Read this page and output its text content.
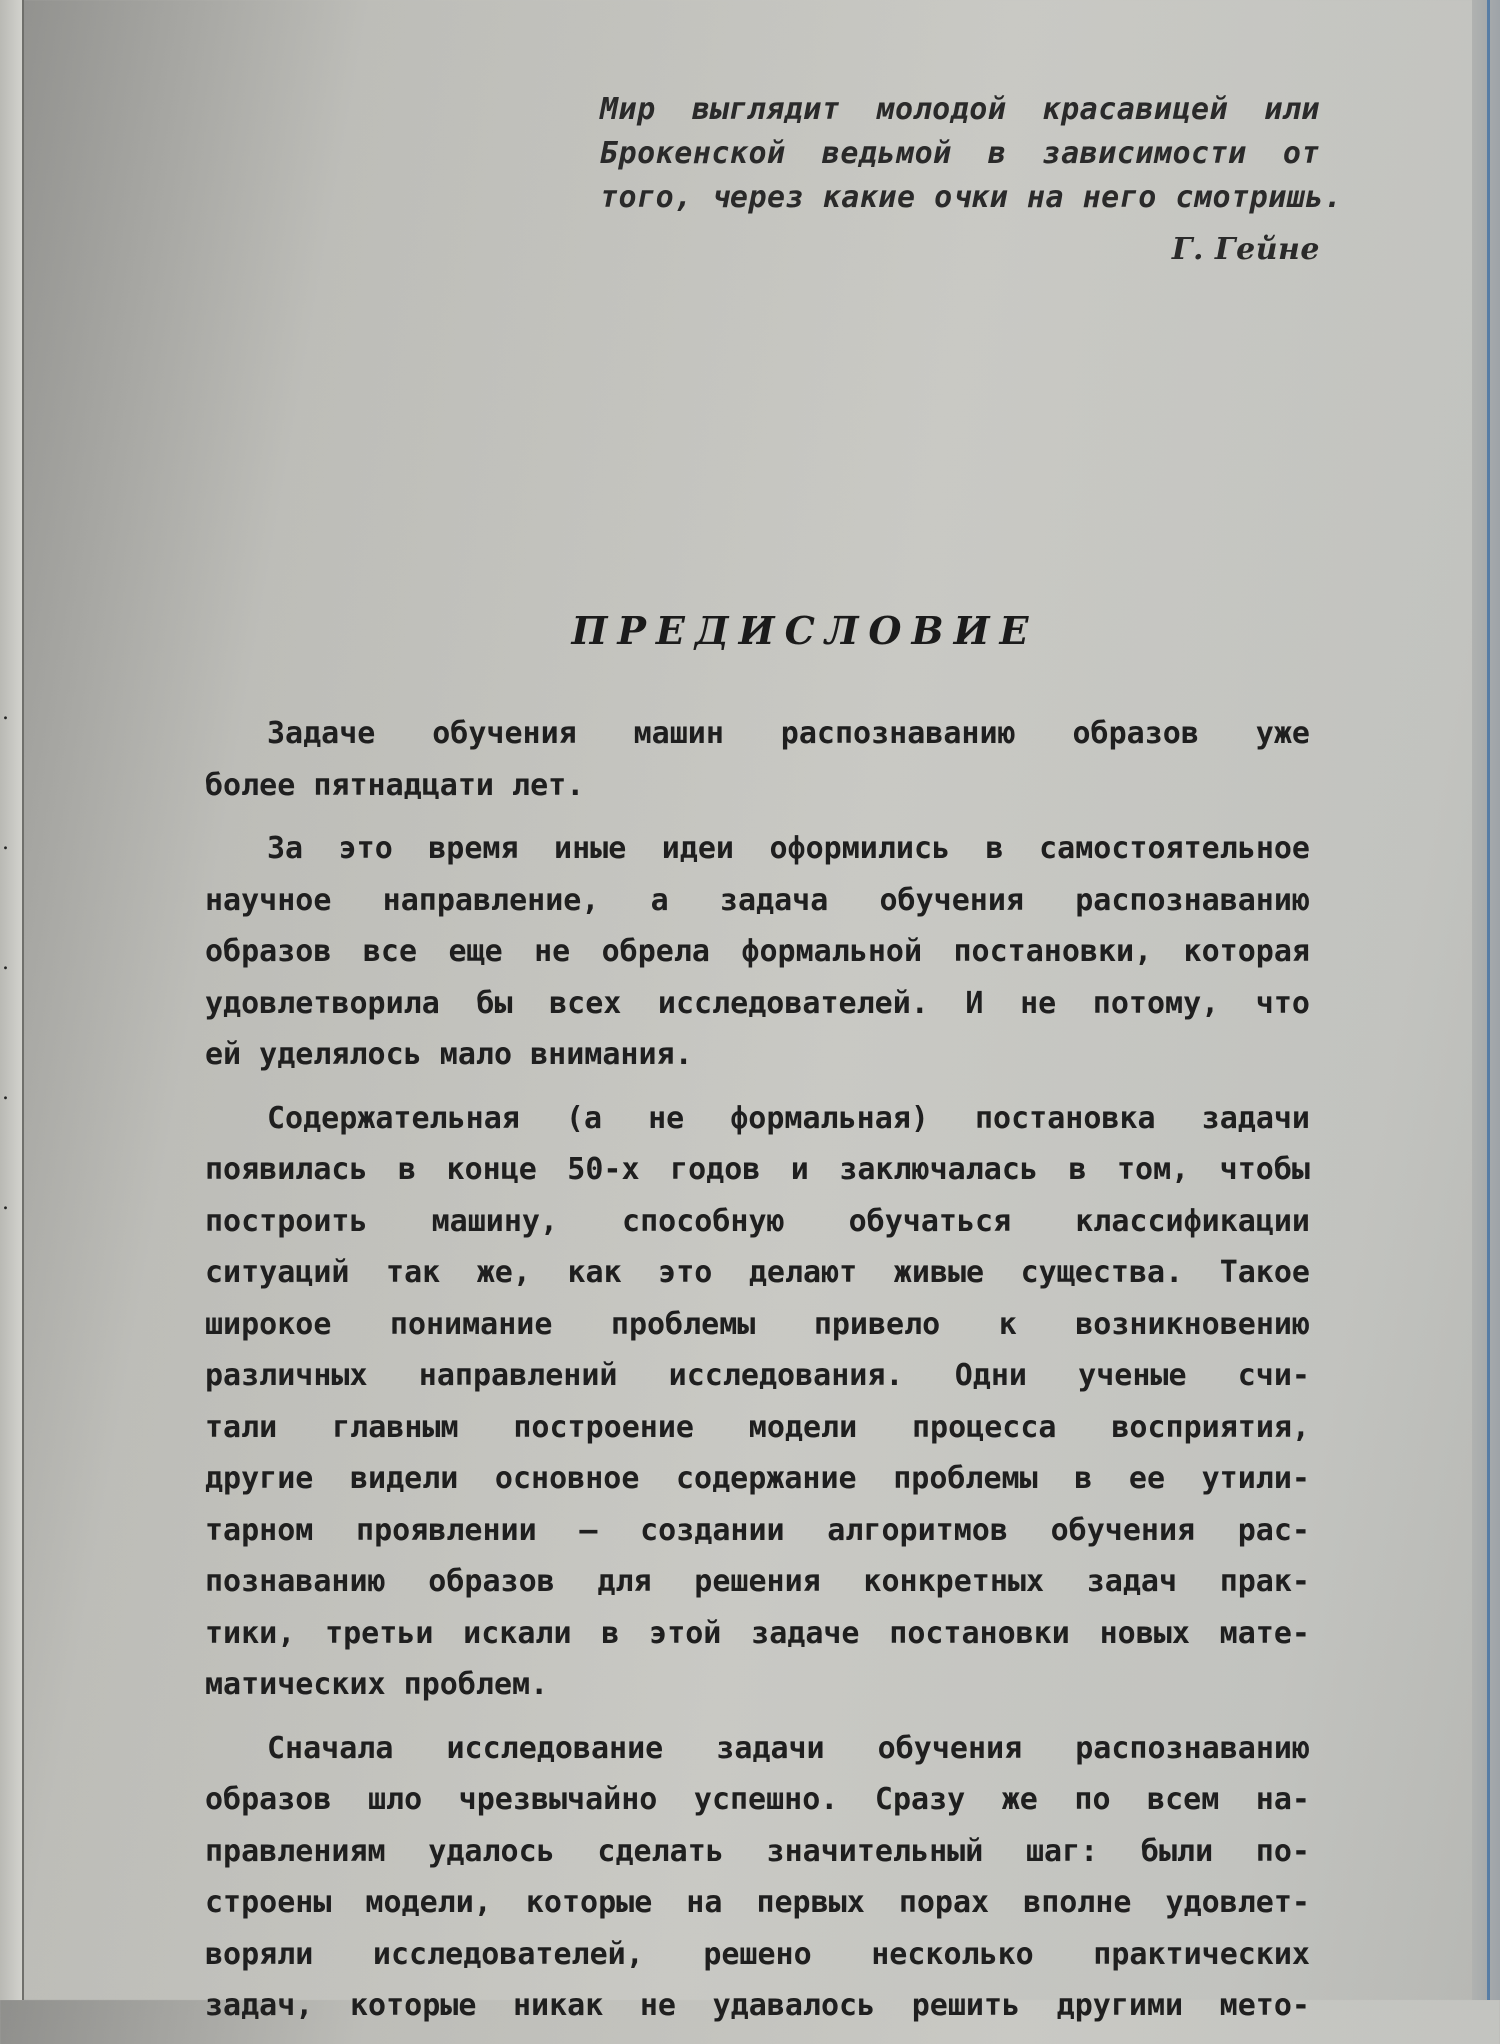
.
.
.
.
.
Мир выглядит молодой красавицей или
Брокенской ведьмой в зависимости от
того, через какие очки на него смотришь.
Г. Гейне
ПРЕДИСЛОВИЕ
Задаче обучения машин распознаванию образов уже
более пятнадцати лет.
За это время иные идеи оформились в самостоятельное
научное направление, а задача обучения распознаванию
образов все еще не обрела формальной постановки, которая
удовлетворила бы всех исследователей. И не потому, что
ей уделялось мало внимания.
Содержательная (а не формальная) постановка задачи
появилась в конце 50-х годов и заключалась в том, чтобы
построить машину, способную обучаться классификации
ситуаций так же, как это делают живые существа. Такое
широкое понимание проблемы привело к возникновению
различных направлений исследования. Одни ученые счи-
тали главным построение модели процесса восприятия,
другие видели основное содержание проблемы в ее утили-
тарном проявлении — создании алгоритмов обучения рас-
познаванию образов для решения конкретных задач прак-
тики, третьи искали в этой задаче постановки новых мате-
матических проблем.
Сначала исследование задачи обучения распознаванию
образов шло чрезвычайно успешно. Сразу же по всем на-
правлениям удалось сделать значительный шаг: были по-
строены модели, которые на первых порах вполне удовлет-
воряли исследователей, решено несколько практических
задач, которые никак не удавалось решить другими мето-
